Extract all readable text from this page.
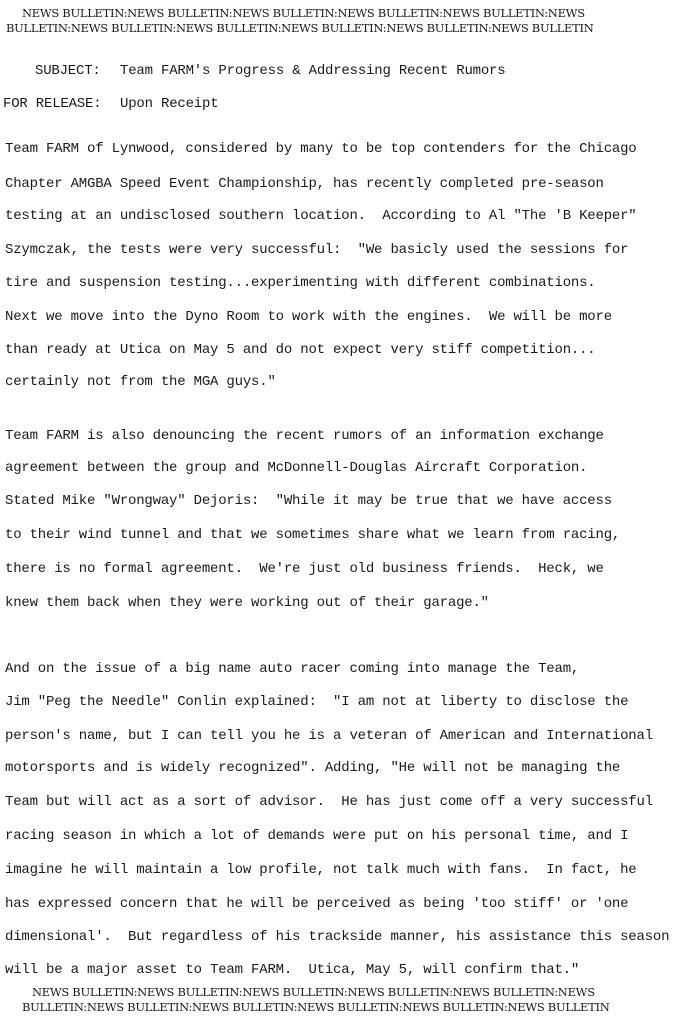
NEWS BULLETIN:NEWS BULLETIN:NEWS BULLETIN:NEWS BULLETIN:NEWS BULLETIN:NEWS
BULLETIN:NEWS BULLETIN:NEWS BULLETIN:NEWS BULLETIN:NEWS BULLETIN:NEWS BULLETIN
SUBJECT: Team FARM's Progress & Addressing Recent Rumors
FOR RELEASE: Upon Receipt
Team FARM of Lynwood, considered by many to be top contenders for the Chicago
Chapter AMGBA Speed Event Championship, has recently completed pre-season
testing at an undisclosed southern location.  According to Al "The 'B Keeper"
Szymczak, the tests were very successful:  "We basicly used the sessions for
tire and suspension testing...experimenting with different combinations.
Next we move into the Dyno Room to work with the engines.  We will be more
than ready at Utica on May 5 and do not expect very stiff competition...
certainly not from the MGA guys."
Team FARM is also denouncing the recent rumors of an information exchange
agreement between the group and McDonnell-Douglas Aircraft Corporation.
Stated Mike "Wrongway" Dejoris:  "While it may be true that we have access
to their wind tunnel and that we sometimes share what we learn from racing,
there is no formal agreement.  We're just old business friends.  Heck, we
knew them back when they were working out of their garage."
And on the issue of a big name auto racer coming into manage the Team,
Jim "Peg the Needle" Conlin explained:  "I am not at liberty to disclose the
person's name, but I can tell you he is a veteran of American and International
motorsports and is widely recognized". Adding, "He will not be managing the
Team but will act as a sort of advisor.  He has just come off a very successful
racing season in which a lot of demands were put on his personal time, and I
imagine he will maintain a low profile, not talk much with fans.  In fact, he
has expressed concern that he will be perceived as being 'too stiff' or 'one
dimensional'.  But regardless of his trackside manner, his assistance this season
will be a major asset to Team FARM.  Utica, May 5, will confirm that."
NEWS BULLETIN:NEWS BULLETIN:NEWS BULLETIN:NEWS BULLETIN:NEWS BULLETIN:NEWS
BULLETIN:NEWS BULLETIN:NEWS BULLETIN:NEWS BULLETIN:NEWS BULLETIN:NEWS BULLETIN
